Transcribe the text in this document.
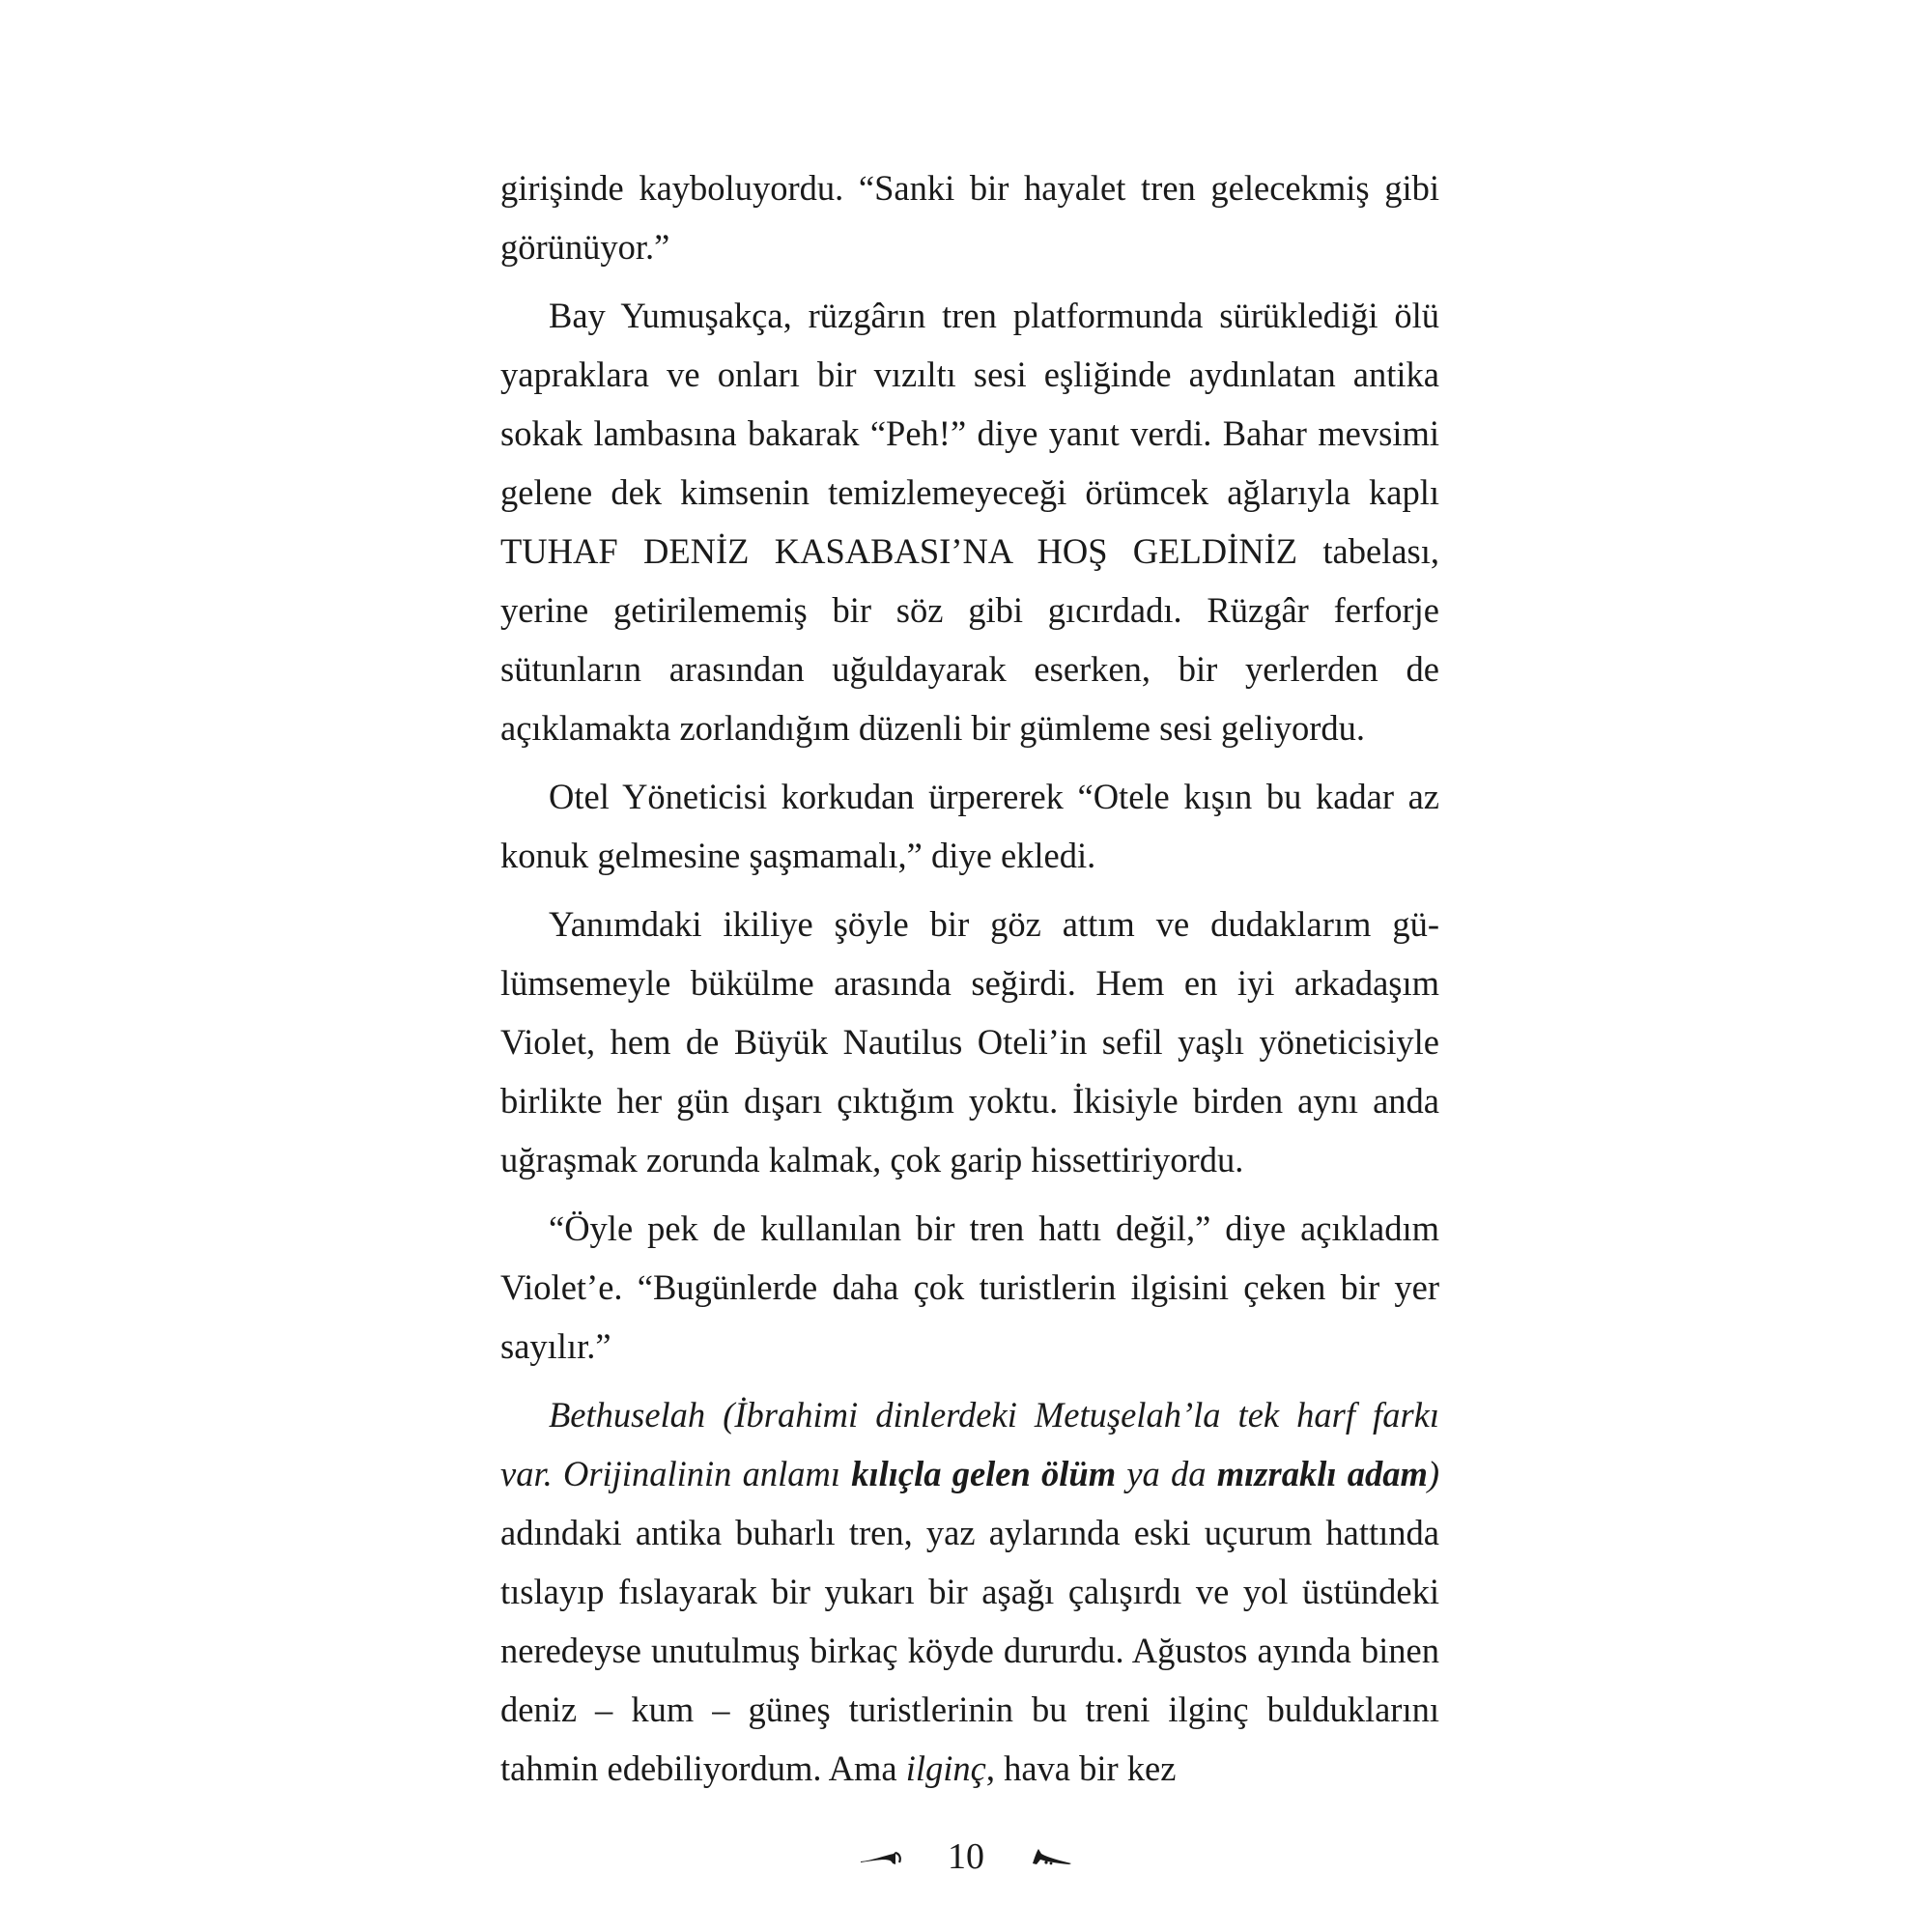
girişinde kayboluyordu. “Sanki bir hayalet tren gelecekmiş gibi görünüyor.”

Bay Yumuşakça, rüzgârın tren platformunda sürüklediği ölü yapraklara ve onları bir vızıltı sesi eşliğinde aydınlatan antika sokak lambasına bakarak “Peh!” diye yanıt verdi. Bahar mevsimi gelene dek kimsenin temizlemeyeceği örümcek ağlarıyla kaplı TUHAF DENİZ KASABASI’NA HOŞ GELDİNİZ tabelası, yerine getirilememiş bir söz gibi gıcırdadı. Rüzgâr ferforje sütunların arasından uğuldayarak eserken, bir yerlerden de açıklamakta zorlandığım düzenli bir gümleme sesi geliyordu.

Otel Yöneticisi korkudan ürpererek “Otele kışın bu kadar az konuk gelmesine şaşmamalı,” diye ekledi.

Yanımdaki ikiliye şöyle bir göz attım ve dudaklarım gülümsemeyle bükülme arasında seğirdi. Hem en iyi arkadaşım Violet, hem de Büyük Nautilus Oteli’in sefil yaşlı yöneticisiyle birlikte her gün dışarı çıktığım yoktu. İkisiyle birden aynı anda uğraşmak zorunda kalmak, çok garip hissettiriyordu.

“Öyle pek de kullanılan bir tren hattı değil,” diye açıkladım Violet’e. “Bugünlerde daha çok turistlerin ilgisini çeken bir yer sayılır.”

Bethuselah (İbrahimi dinlerdeki Metuşelah’la tek harf farkı var. Orijinalinin anlamı kılıçla gelen ölüm ya da mızraklı adam) adındaki antika buharlı tren, yaz aylarında eski uçurum hattında tıslayıp fıslayarak bir yukarı bir aşağı çalışırdı ve yol üstündeki neredeyse unutulmuş birkaç köyde dururdu. Ağustos ayında binen deniz – kum – güneş turistlerinin bu treni ilginç bulduklarını tahmin edebiliyordum. Ama ilginç, hava bir kez

10
